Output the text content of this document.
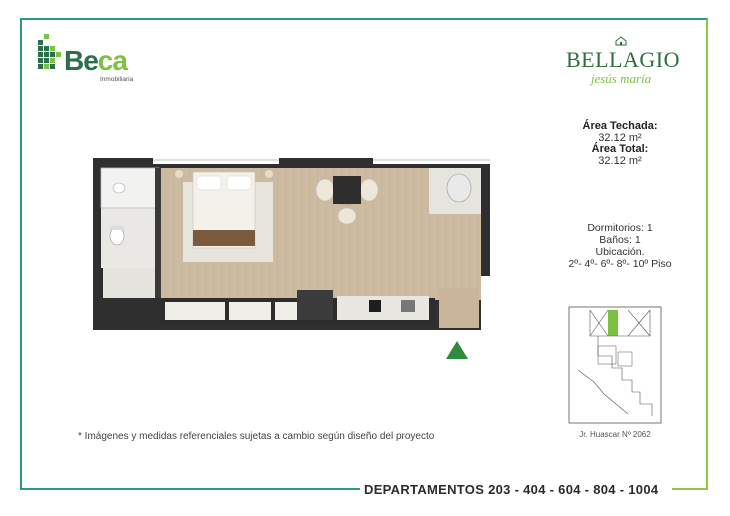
Beca
Inmobiliaria
BELLAGIO
jesús maría
Área Techada:
32.12 m²
Área Total:
32.12 m²
Dormitorios: 1
Baños: 1
Ubicación.
2º- 4º- 6º- 8º- 10º Piso
Jr. Huascar Nº 2062
* Imágenes y medidas referenciales sujetas a cambio según diseño del proyecto
DEPARTAMENTOS 203 - 404 - 604 - 804 - 1004
